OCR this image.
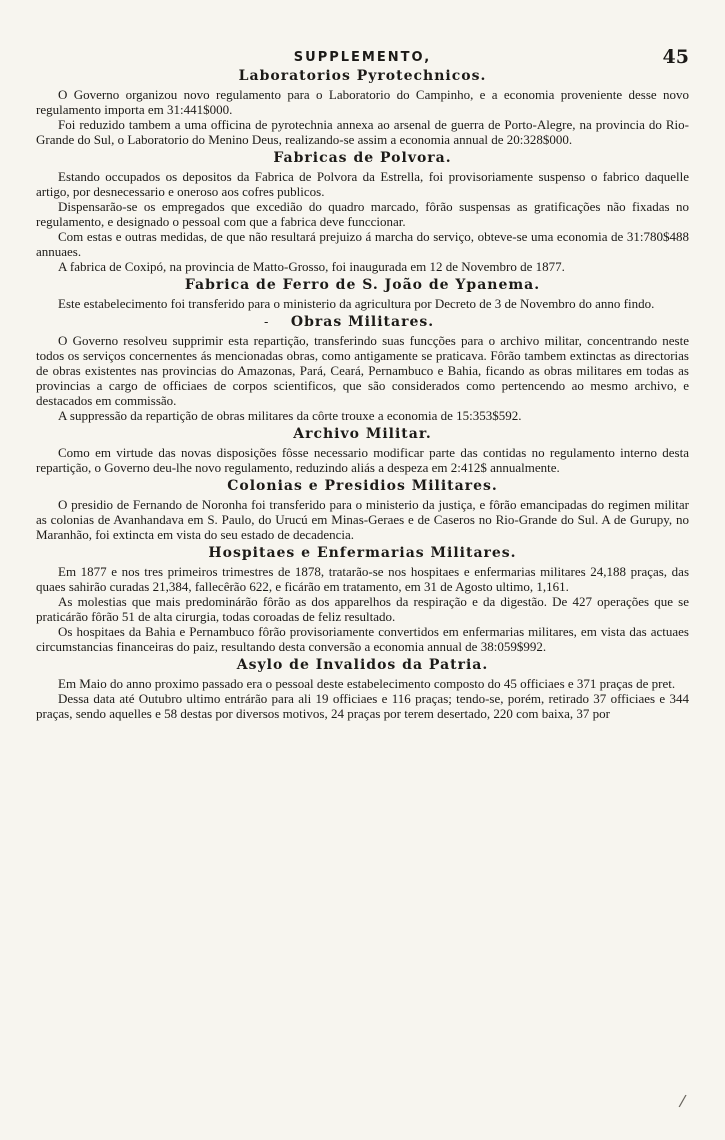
SUPPLEMENTO,	45
Laboratorios Pyrotechnicos.

O Governo organizou novo regulamento para o Laboratorio do Campinho, e a economia proveniente desse novo regulamento importa em 31:441$000.

Foi reduzido tambem a uma officina de pyrotechnia annexa ao arsenal de guerra de Porto-Alegre, na provincia do Rio-Grande do Sul, o Laboratorio do Menino Deus, realizando-se assim a economia annual de 20:328$000.

Fabricas de Polvora.

Estando occupados os depositos da Fabrica de Polvora da Estrella, foi provisoriamente suspenso o fabrico daquelle artigo, por desnecessario e oneroso aos cofres publicos.

Dispensarão-se os empregados que excedião do quadro marcado, fôrão suspensas as gratificações não fixadas no regulamento, e designado o pessoal com que a fabrica deve funccionar.

Com estas e outras medidas, de que não resultará prejuizo á marcha do serviço, obteve-se uma economia de 31:780$488 annuaes.

A fabrica de Coxipó, na provincia de Matto-Grosso, foi inaugurada em 12 de Novembro de 1877.

Fabrica de Ferro de S. João de Ypanema.

Este estabelecimento foi transferido para o ministerio da agricultura por Decreto de 3 de Novembro do anno findo.

-	Obras Militares.

O Governo resolveu supprimir esta repartição, transferindo suas funcções para o archivo militar, concentrando neste todos os serviços concernentes ás mencionadas obras, como antigamente se praticava. Fôrão tambem extinctas as directorias de obras existentes nas provincias do Amazonas, Pará, Ceará, Pernambuco e Bahia, ficando as obras militares em todas as provincias a cargo de officiaes de corpos scientificos, que são considerados como pertencendo ao mesmo archivo, e destacados em commissão.

A suppressão da repartição de obras militares da côrte trouxe a economia de 15:353$592.

Archivo Militar.

Como em virtude das novas disposições fôsse necessario modificar parte das contidas no regulamento interno desta repartição, o Governo deu-lhe novo regulamento, reduzindo aliás a despeza em 2:412$ annualmente.

Colonias e Presidios Militares.

O presidio de Fernando de Noronha foi transferido para o ministerio da justiça, e fôrão emancipadas do regimen militar as colonias de Avanhandava em S. Paulo, do Urucú em Minas-Geraes e de Caseros no Rio-Grande do Sul. A de Gurupy, no Maranhão, foi extincta em vista do seu estado de decadencia.

Hospitaes e Enfermarias Militares.

Em 1877 e nos tres primeiros trimestres de 1878, tratarão-se nos hospitaes e enfermarias militares 24,188 praças, das quaes sahirão curadas 21,384, fallecêrão 622, e ficárão em tratamento, em 31 de Agosto ultimo, 1,161.

As molestias que mais predominárão fôrão as dos apparelhos da respiração e da digestão. De 427 operações que se praticárão fôrão 51 de alta cirurgia, todas coroadas de feliz resultado.

Os hospitaes da Bahia e Pernambuco fôrão provisoriamente convertidos em enfermarias militares, em vista das actuaes circumstancias financeiras do paiz, resultando desta conversão a economia annual de 38:059$992.

Asylo de Invalidos da Patria.

Em Maio do anno proximo passado era o pessoal deste estabelecimento composto do 45 officiaes e 371 praças de pret.

Dessa data até Outubro ultimo entrárão para ali 19 officiaes e 116 praças; tendo-se, porém, retirado 37 officiaes e 344 praças, sendo aquelles e 58 destas por diversos motivos, 24 praças por terem desertado, 220 com baixa, 37 por

/
